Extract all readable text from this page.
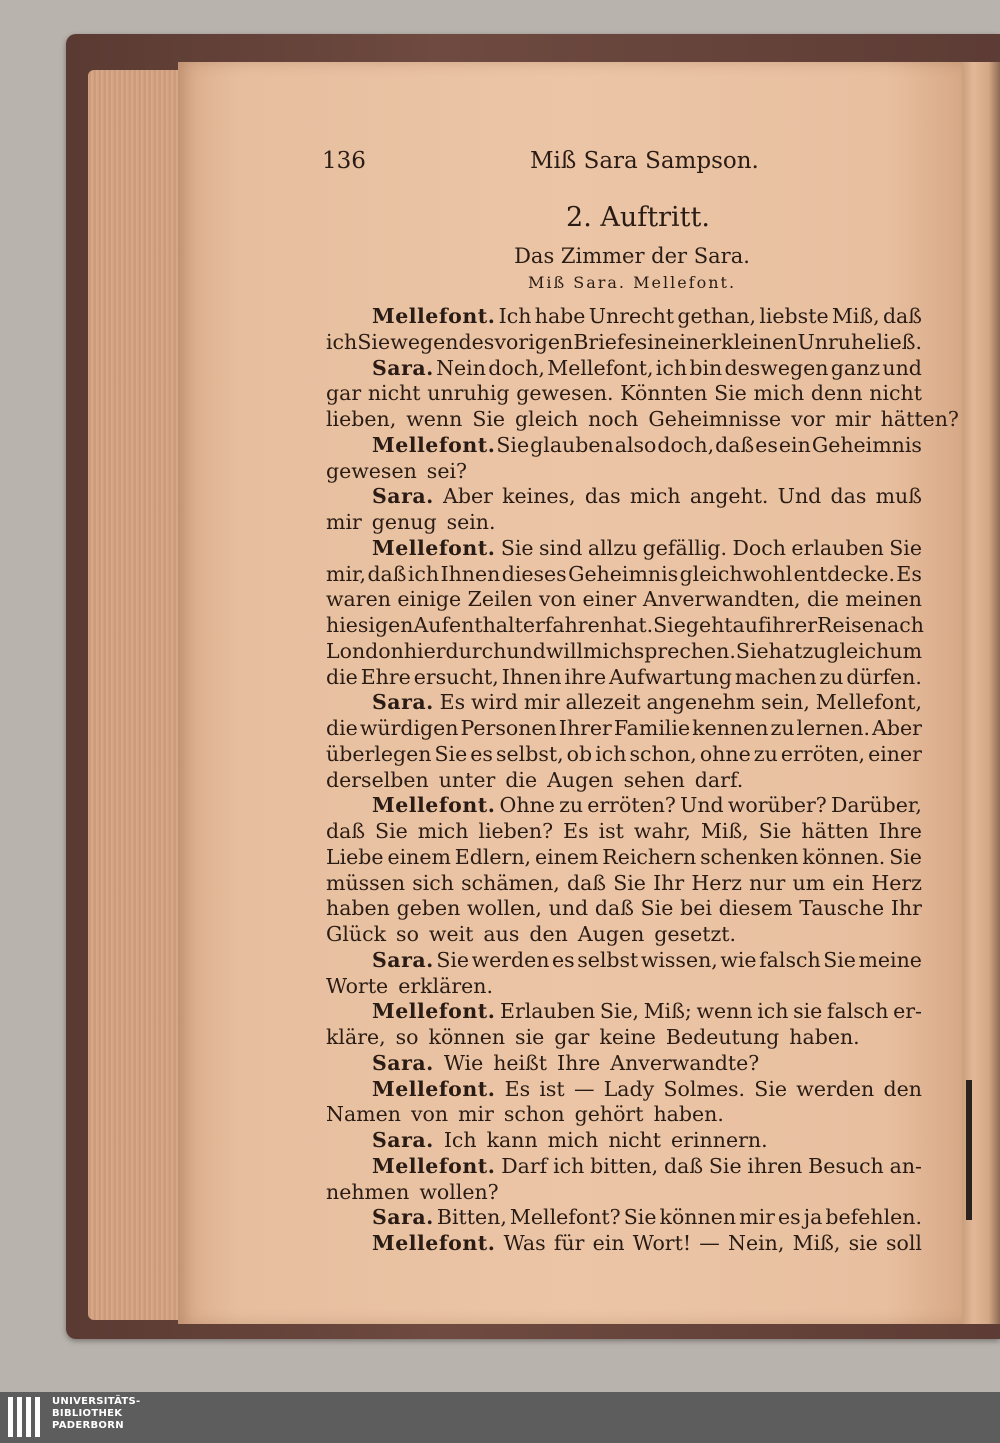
136	Miß Sara Sampson.
2. Auftritt.
Das Zimmer der Sara.
Miß Sara. Mellefont.
Mellefont. Ich habe Unrecht gethan, liebste Miß, daß
ich Sie wegen des vorigen Briefes in einer kleinen Unruhe ließ.
Sara. Nein doch, Mellefont, ich bin deswegen ganz und
gar nicht unruhig gewesen. Könnten Sie mich denn nicht
lieben, wenn Sie gleich noch Geheimnisse vor mir hätten?
Mellefont. Sie glauben also doch, daß es ein Geheimnis
gewesen sei?
Sara. Aber keines, das mich angeht. Und das muß
mir genug sein.
Mellefont. Sie sind allzu gefällig. Doch erlauben Sie
mir, daß ich Ihnen dieses Geheimnis gleichwohl entdecke. Es
waren einige Zeilen von einer Anverwandten, die meinen
hiesigen Aufenthalt erfahren hat. Sie geht auf ihrer Reise nach
London hier durch und will mich sprechen. Sie hat zugleich um
die Ehre ersucht, Ihnen ihre Aufwartung machen zu dürfen.
Sara. Es wird mir allezeit angenehm sein, Mellefont,
die würdigen Personen Ihrer Familie kennen zu lernen. Aber
überlegen Sie es selbst, ob ich schon, ohne zu erröten, einer
derselben unter die Augen sehen darf.
Mellefont. Ohne zu erröten? Und worüber? Darüber,
daß Sie mich lieben? Es ist wahr, Miß, Sie hätten Ihre
Liebe einem Edlern, einem Reichern schenken können. Sie
müssen sich schämen, daß Sie Ihr Herz nur um ein Herz
haben geben wollen, und daß Sie bei diesem Tausche Ihr
Glück so weit aus den Augen gesetzt.
Sara. Sie werden es selbst wissen, wie falsch Sie meine
Worte erklären.
Mellefont. Erlauben Sie, Miß; wenn ich sie falsch er-
kläre, so können sie gar keine Bedeutung haben.
Sara. Wie heißt Ihre Anverwandte?
Mellefont. Es ist — Lady Solmes. Sie werden den
Namen von mir schon gehört haben.
Sara. Ich kann mich nicht erinnern.
Mellefont. Darf ich bitten, daß Sie ihren Besuch an-
nehmen wollen?
Sara. Bitten, Mellefont? Sie können mir es ja befehlen.
Mellefont. Was für ein Wort! — Nein, Miß, sie soll
UNIVERSITÄTS-
BIBLIOTHEK
PADERBORN
